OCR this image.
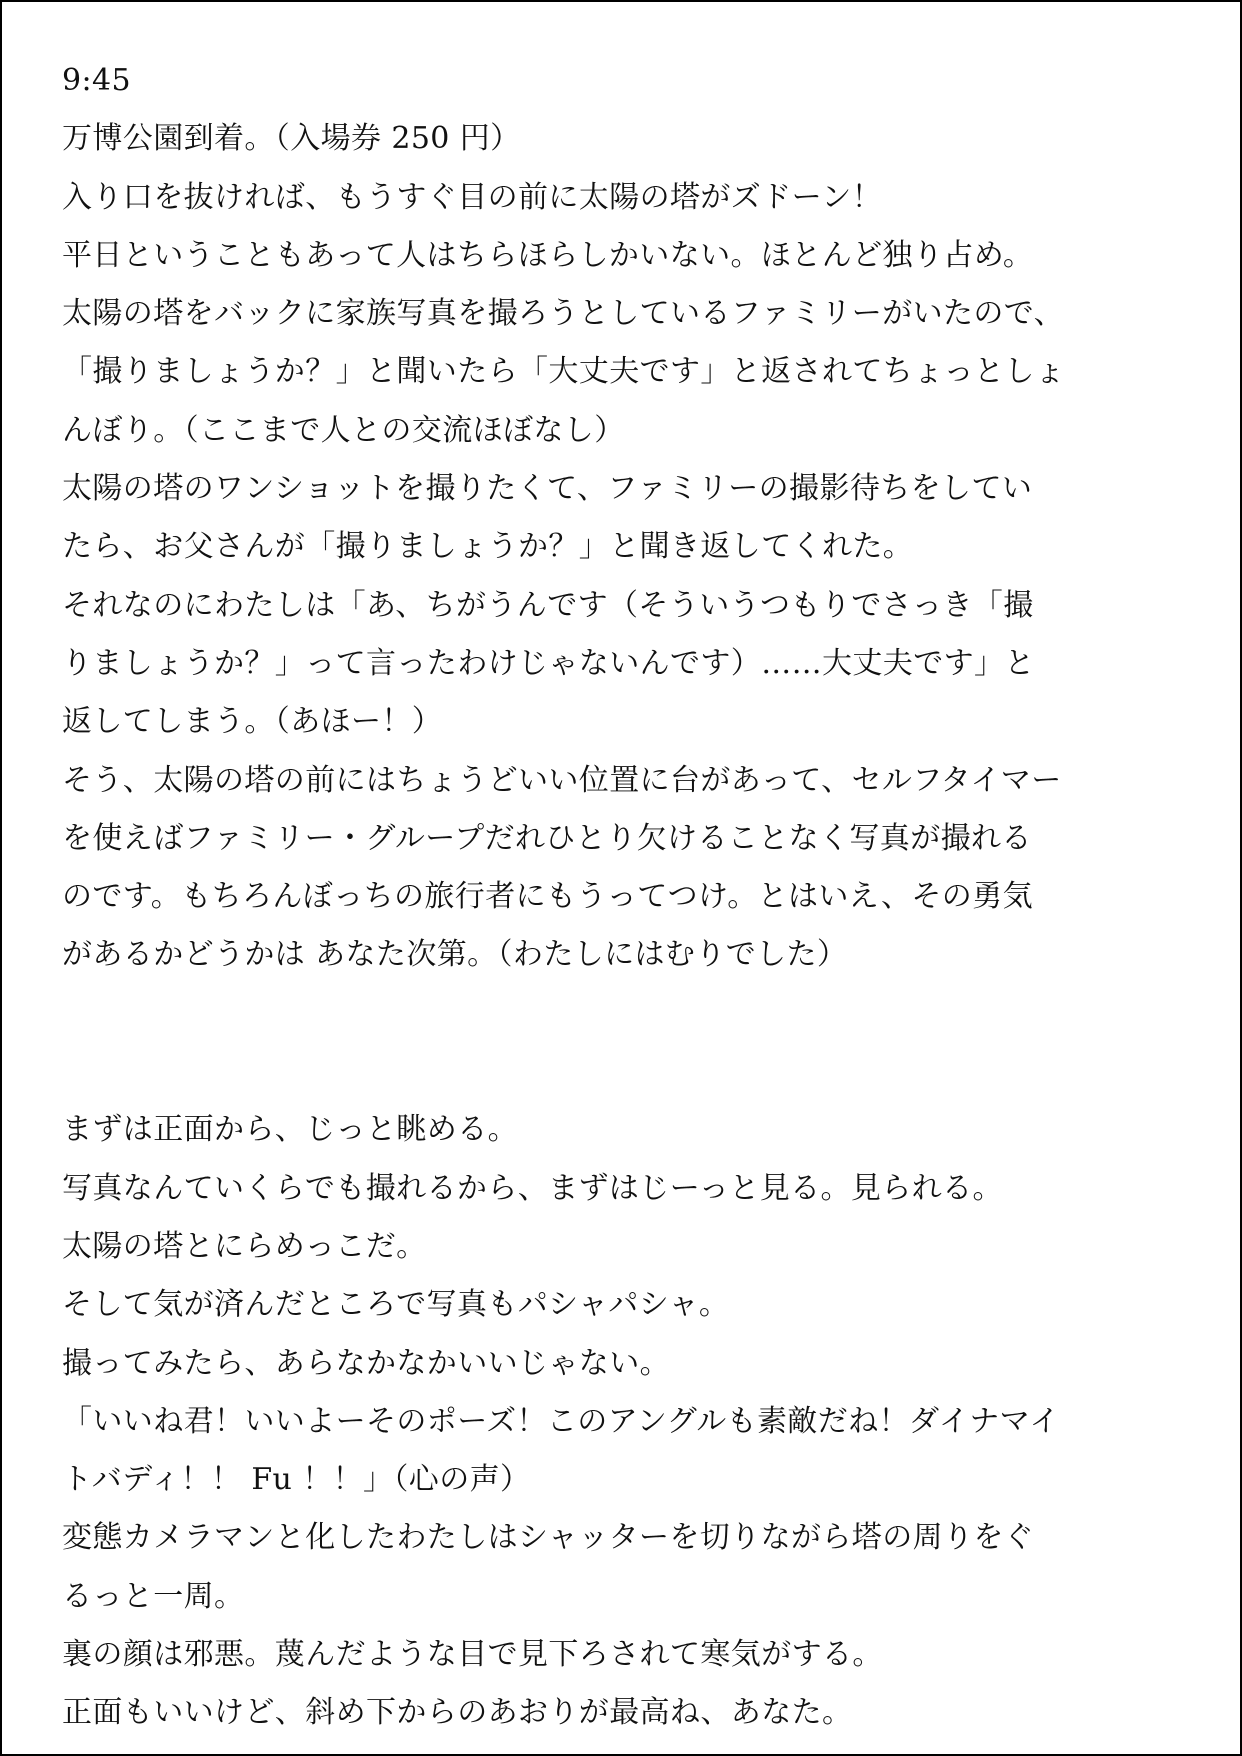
9:45
万博公園到着。（入場券 250 円）
入り口を抜ければ、もうすぐ目の前に太陽の塔がズドーン！
平日ということもあって人はちらほらしかいない。ほとんど独り占め。
太陽の塔をバックに家族写真を撮ろうとしているファミリーがいたので、
「撮りましょうか？」と聞いたら「大丈夫です」と返されてちょっとしょ
んぼり。（ここまで人との交流ほぼなし）
太陽の塔のワンショットを撮りたくて、ファミリーの撮影待ちをしてい
たら、お父さんが「撮りましょうか？」と聞き返してくれた。
それなのにわたしは「あ、ちがうんです（そういうつもりでさっき「撮
りましょうか？」って言ったわけじゃないんです）……大丈夫です」と
返してしまう。（あほー！）
そう、太陽の塔の前にはちょうどいい位置に台があって、セルフタイマー
を使えばファミリー・グループだれひとり欠けることなく写真が撮れる
のです。もちろんぼっちの旅行者にもうってつけ。とはいえ、その勇気
があるかどうかは あなた次第。（わたしにはむりでした）
まずは正面から、じっと眺める。
写真なんていくらでも撮れるから、まずはじーっと見る。見られる。
太陽の塔とにらめっこだ。
そして気が済んだところで写真もパシャパシャ。
撮ってみたら、あらなかなかいいじゃない。
「いいね君！いいよーそのポーズ！このアングルも素敵だね！ダイナマイ
トバディ！！ Fu ！！」（心の声）
変態カメラマンと化したわたしはシャッターを切りながら塔の周りをぐ
るっと一周。
裏の顔は邪悪。蔑んだような目で見下ろされて寒気がする。
正面もいいけど、斜め下からのあおりが最高ね、あなた。
